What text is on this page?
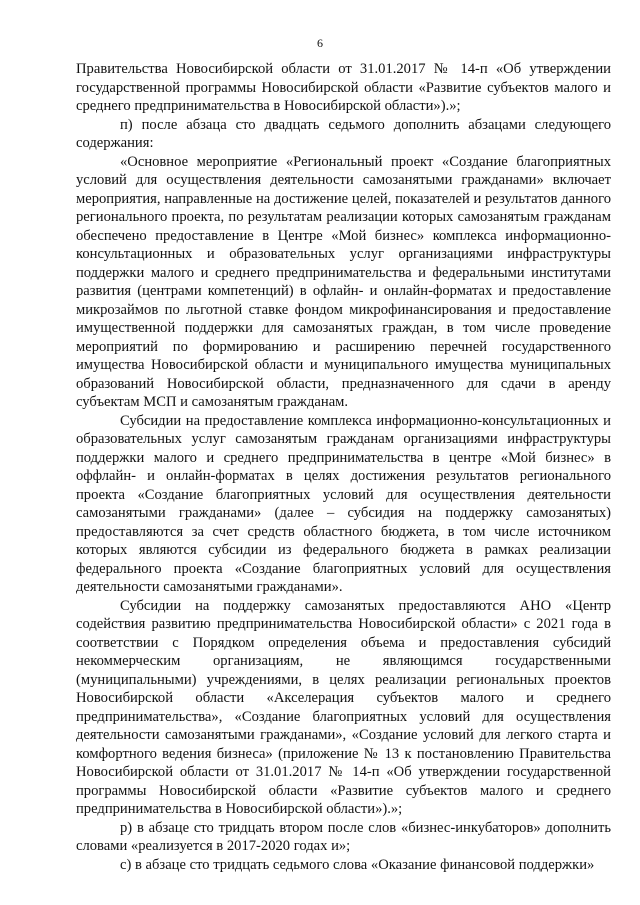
6

Правительства Новосибирской области от 31.01.2017 № 14-п «Об утверждении государственной программы Новосибирской области «Развитие субъектов малого и среднего предпринимательства в Новосибирской области»).»;

п) после абзаца сто двадцать седьмого дополнить абзацами следующего содержания:

«Основное мероприятие «Региональный проект «Создание благоприятных условий для осуществления деятельности самозанятыми гражданами» включает мероприятия, направленные на достижение целей, показателей и результатов данного регионального проекта, по результатам реализации которых самозанятым гражданам обеспечено предоставление в Центре «Мой бизнес» комплекса информационно-консультационных и образовательных услуг организациями инфраструктуры поддержки малого и среднего предпринимательства и федеральными институтами развития (центрами компетенций) в офлайн- и онлайн-форматах и предоставление микрозаймов по льготной ставке фондом микрофинансирования и предоставление имущественной поддержки для самозанятых граждан, в том числе проведение мероприятий по формированию и расширению перечней государственного имущества Новосибирской области и муниципального имущества муниципальных образований Новосибирской области, предназначенного для сдачи в аренду субъектам МСП и самозанятым гражданам.

Субсидии на предоставление комплекса информационно-консультационных и образовательных услуг самозанятым гражданам организациями инфраструктуры поддержки малого и среднего предпринимательства в центре «Мой бизнес» в оффлайн- и онлайн-форматах в целях достижения результатов регионального проекта «Создание благоприятных условий для осуществления деятельности самозанятыми гражданами» (далее – субсидия на поддержку самозанятых) предоставляются за счет средств областного бюджета, в том числе источником которых являются субсидии из федерального бюджета в рамках реализации федерального проекта «Создание благоприятных условий для осуществления деятельности самозанятыми гражданами».

Субсидии на поддержку самозанятых предоставляются АНО «Центр содействия развитию предпринимательства Новосибирской области» с 2021 года в соответствии с Порядком определения объема и предоставления субсидий некоммерческим организациям, не являющимся государственными (муниципальными) учреждениями, в целях реализации региональных проектов Новосибирской области «Акселерация субъектов малого и среднего предпринимательства», «Создание благоприятных условий для осуществления деятельности самозанятыми гражданами», «Создание условий для легкого старта и комфортного ведения бизнеса» (приложение № 13 к постановлению Правительства Новосибирской области от 31.01.2017 № 14-п «Об утверждении государственной программы Новосибирской области «Развитие субъектов малого и среднего предпринимательства в Новосибирской области»).»;

р) в абзаце сто тридцать втором после слов «бизнес-инкубаторов» дополнить словами «реализуется в 2017-2020 годах и»;

с) в абзаце сто тридцать седьмого слова «Оказание финансовой поддержки»
